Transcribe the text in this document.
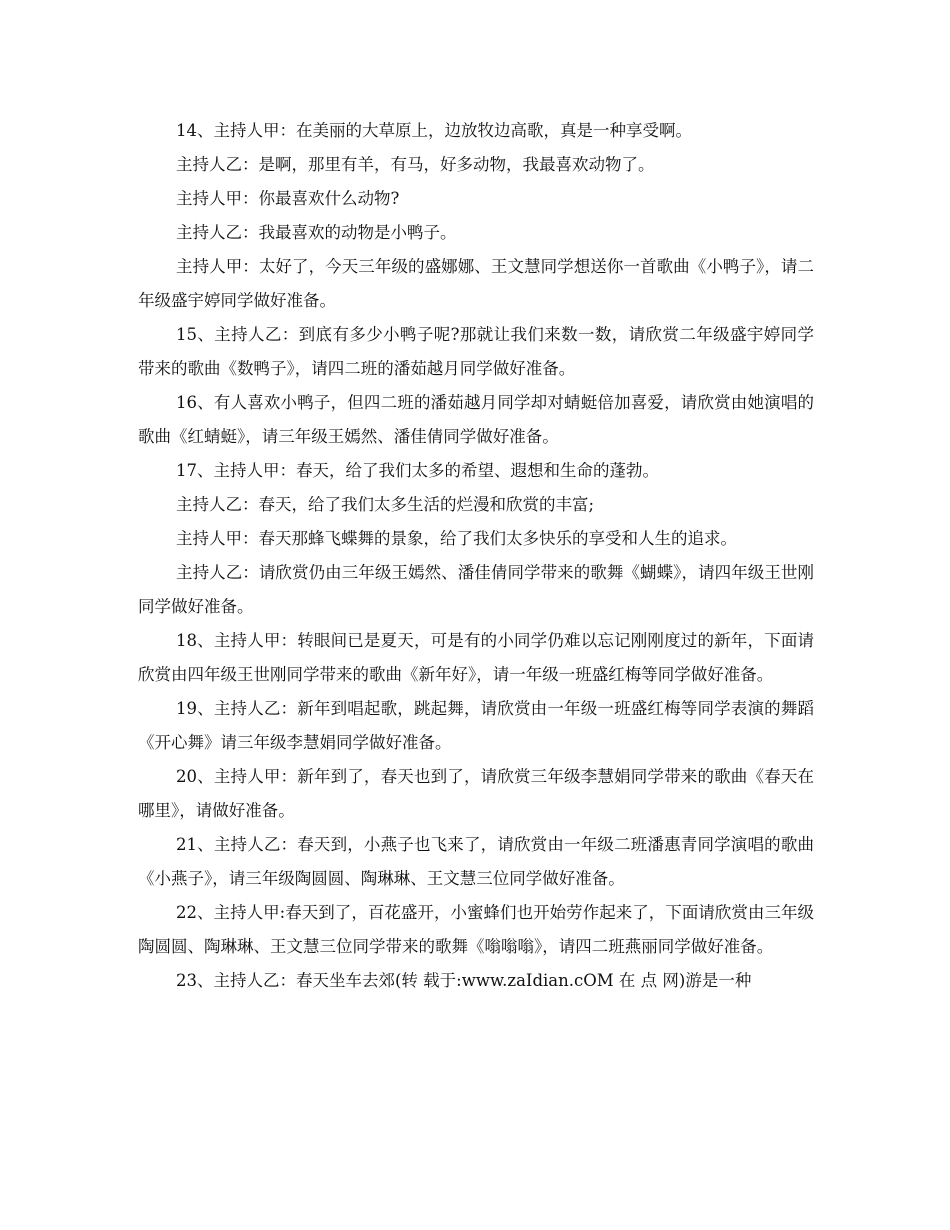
14、主持人甲：在美丽的大草原上，边放牧边高歌，真是一种享受啊。

主持人乙：是啊，那里有羊，有马，好多动物，我最喜欢动物了。

主持人甲：你最喜欢什么动物?

主持人乙：我最喜欢的动物是小鸭子。

主持人甲：太好了，今天三年级的盛娜娜、王文慧同学想送你一首歌曲《小鸭子》，请二年级盛宇婷同学做好准备。

15、主持人乙：到底有多少小鸭子呢?那就让我们来数一数，请欣赏二年级盛宇婷同学带来的歌曲《数鸭子》，请四二班的潘茹越月同学做好准备。

16、有人喜欢小鸭子，但四二班的潘茹越月同学却对蜻蜓倍加喜爱，请欣赏由她演唱的歌曲《红蜻蜓》，请三年级王嫣然、潘佳倩同学做好准备。

17、主持人甲：春天，给了我们太多的希望、遐想和生命的蓬勃。

主持人乙：春天，给了我们太多生活的烂漫和欣赏的丰富;

主持人甲：春天那蜂飞蝶舞的景象，给了我们太多快乐的享受和人生的追求。

主持人乙：请欣赏仍由三年级王嫣然、潘佳倩同学带来的歌舞《蝴蝶》，请四年级王世刚同学做好准备。

18、主持人甲：转眼间已是夏天，可是有的小同学仍难以忘记刚刚度过的新年，下面请欣赏由四年级王世刚同学带来的歌曲《新年好》，请一年级一班盛红梅等同学做好准备。

19、主持人乙：新年到唱起歌，跳起舞，请欣赏由一年级一班盛红梅等同学表演的舞蹈《开心舞》请三年级李慧娟同学做好准备。

20、主持人甲：新年到了，春天也到了，请欣赏三年级李慧娟同学带来的歌曲《春天在哪里》，请做好准备。

21、主持人乙：春天到，小燕子也飞来了，请欣赏由一年级二班潘惠青同学演唱的歌曲《小燕子》，请三年级陶圆圆、陶琳琳、王文慧三位同学做好准备。

22、主持人甲:春天到了，百花盛开，小蜜蜂们也开始劳作起来了，下面请欣赏由三年级陶圆圆、陶琳琳、王文慧三位同学带来的歌舞《嗡嗡嗡》，请四二班燕丽同学做好准备。

23、主持人乙：春天坐车去郊(转 载于:www.zaIdian.cOM 在 点 网)游是一种
